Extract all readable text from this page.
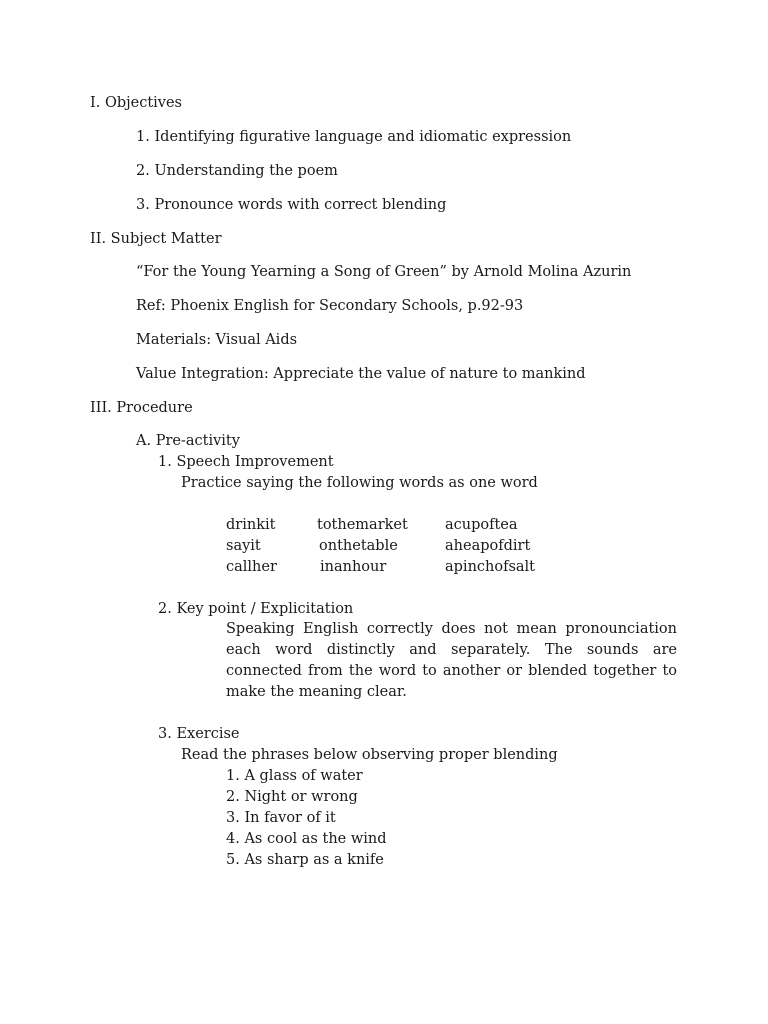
I. Objectives
1. Identifying figurative language and idiomatic expression
2. Understanding the poem
3. Pronounce words with correct blending
II. Subject Matter
“For the Young Yearning a Song of Green” by Arnold Molina Azurin
Ref: Phoenix English for Secondary Schools, p.92-93
Materials: Visual Aids
Value Integration: Appreciate the value of nature to mankind
III. Procedure
A. Pre-activity
1. Speech Improvement
Practice saying the following words as one word
drinkit	tothemarket	acupoftea
sayit	onthetable	aheapofdirt
callher	inanhour	apinchofsalt
2. Key point / Explicitation
Speaking English correctly does not mean pronounciation each word distinctly and separately. The sounds are connected from the word to another or blended together to make the meaning clear.
3. Exercise
Read the phrases below observing proper blending
1. A glass of water
2. Night or wrong
3. In favor of it
4. As cool as the wind
5. As sharp as a knife
